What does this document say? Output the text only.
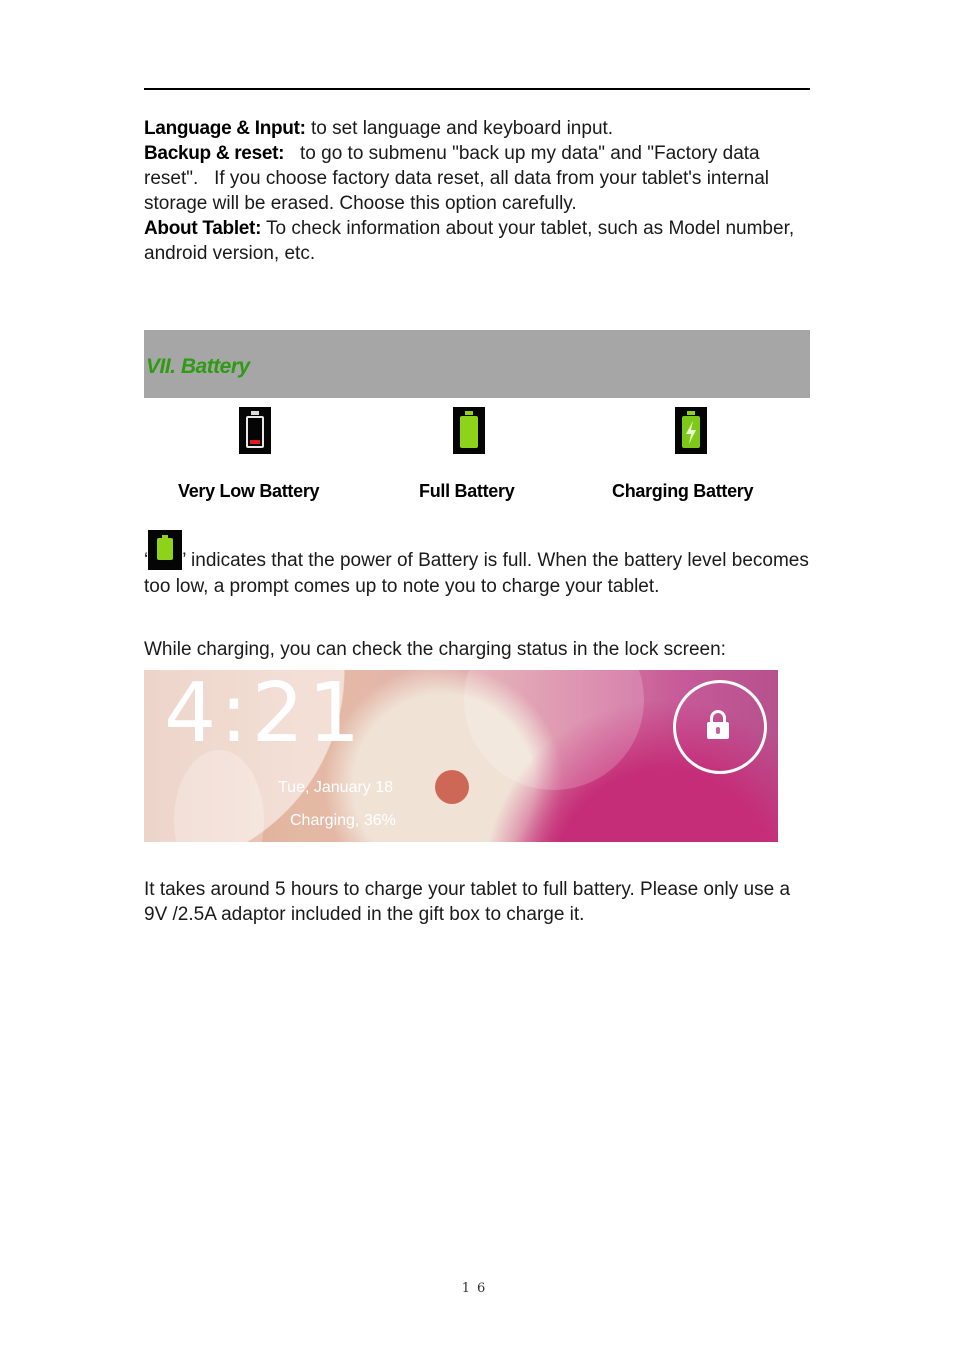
Language & Input: to set language and keyboard input.
Backup & reset:   to go to submenu "back up my data" and "Factory data reset".   If you choose factory data reset, all data from your tablet's internal storage will be erased. Choose this option carefully.
About Tablet: To check information about your tablet, such as Model number, android version, etc.
VII. Battery
Very Low Battery	Full Battery	Charging Battery
‘ ’ indicates that the power of Battery is full. When the battery level becomes too low, a prompt comes up to note you to charge your tablet.
While charging, you can check the charging status in the lock screen:
4:21
Tue, January 18
Charging, 36%
It takes around 5 hours to charge your tablet to full battery. Please only use a 9V /2.5A adaptor included in the gift box to charge it.
16
